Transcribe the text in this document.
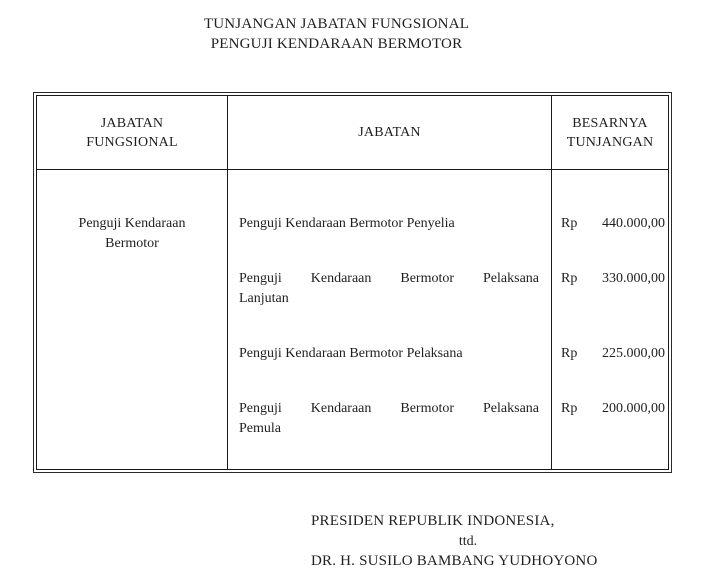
TUNJANGAN JABATAN FUNGSIONAL
PENGUJI KENDARAAN BERMOTOR
JABATAN
FUNGSIONAL
JABATAN
BESARNYA
TUNJANGAN
Penguji Kendaraan Bermotor
Penguji Kendaraan Bermotor Penyelia	Rp 440.000,00
Penguji Kendaraan Bermotor Pelaksana
Lanjutan
Rp 330.000,00
Penguji Kendaraan Bermotor Pelaksana	Rp 225.000,00
Penguji Kendaraan Bermotor Pelaksana
Pemula
Rp 200.000,00
PRESIDEN REPUBLIK INDONESIA,
ttd.
DR. H. SUSILO BAMBANG YUDHOYONO
